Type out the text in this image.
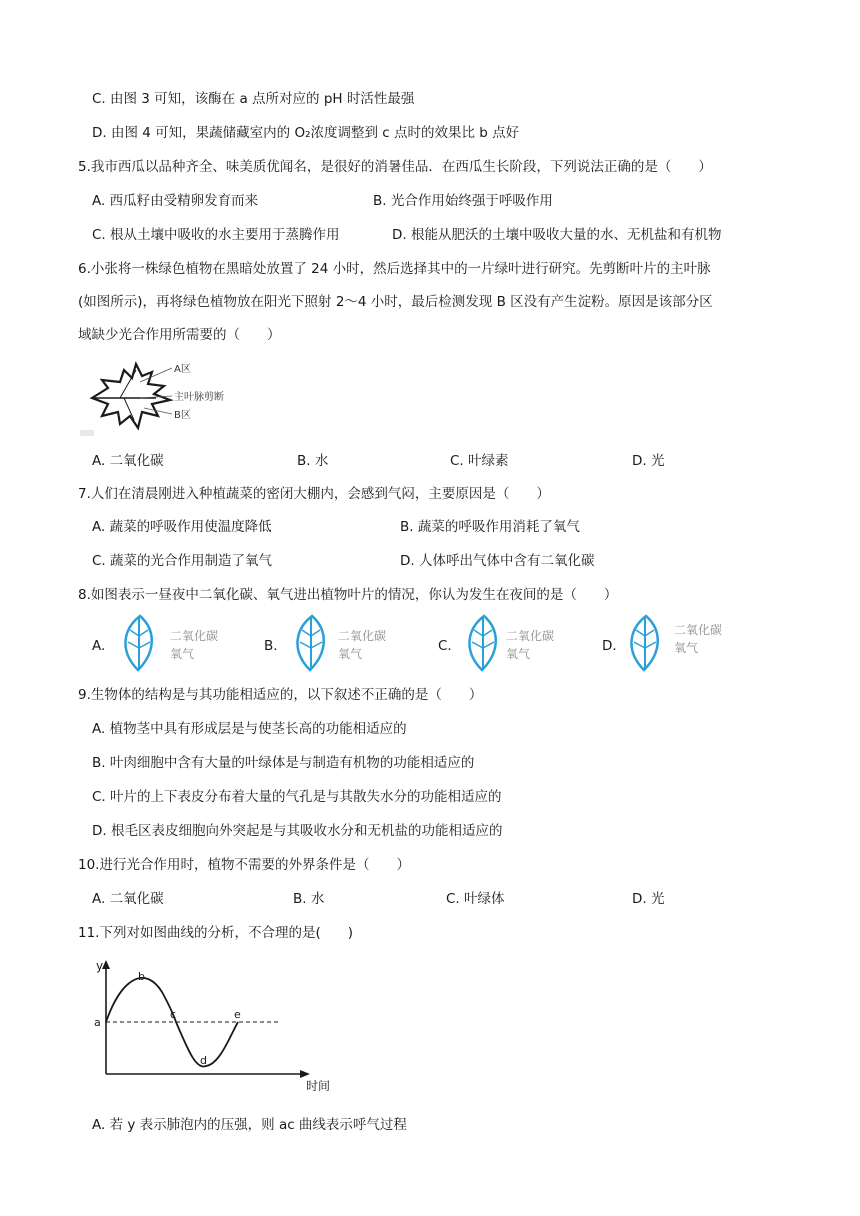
C. 由图 3 可知，该酶在 a 点所对应的 pH 时活性最强
D. 由图 4 可知，果蔬储藏室内的 O₂浓度调整到 c 点时的效果比 b 点好
5.我市西瓜以品种齐全、味美质优闻名，是很好的消暑佳品．在西瓜生长阶段，下列说法正确的是（　　）
A. 西瓜籽由受精卵发育而来	B. 光合作用始终强于呼吸作用
C. 根从土壤中吸收的水主要用于蒸腾作用	D. 根能从肥沃的土壤中吸收大量的水、无机盐和有机物
6.小张将一株绿色植物在黑暗处放置了 24 小时，然后选择其中的一片绿叶进行研究。先剪断叶片的主叶脉
(如图所示)，再将绿色植物放在阳光下照射 2～4 小时，最后检测发现 B 区没有产生淀粉。原因是该部分区
域缺少光合作用所需要的（　　）
A区
主叶脉剪断
B区
A. 二氧化碳	B. 水	C. 叶绿素	D. 光
7.人们在清晨刚进入种植蔬菜的密闭大棚内，会感到气闷，主要原因是（　　）
A. 蔬菜的呼吸作用使温度降低	B. 蔬菜的呼吸作用消耗了氧气
C. 蔬菜的光合作用制造了氧气	D. 人体呼出气体中含有二氧化碳
8.如图表示一昼夜中二氧化碳、氧气进出植物叶片的情况，你认为发生在夜间的是（　　）
A.
二氧化碳
氧气	B.
二氧化碳
氧气	C.
二氧化碳
氧气	D.
二氧化碳
氧气
9.生物体的结构是与其功能相适应的，以下叙述不正确的是（　　）
A. 植物茎中具有形成层是与使茎长高的功能相适应的
B. 叶肉细胞中含有大量的叶绿体是与制造有机物的功能相适应的
C. 叶片的上下表皮分布着大量的气孔是与其散失水分的功能相适应的
D. 根毛区表皮细胞向外突起是与其吸收水分和无机盐的功能相适应的
10.进行光合作用时，植物不需要的外界条件是（　　）
A. 二氧化碳	B. 水	C. 叶绿体	D. 光
11.下列对如图曲线的分析，不合理的是(　　)
y
时间
a
b
c
d
e
A. 若 y 表示肺泡内的压强，则 ac 曲线表示呼气过程
